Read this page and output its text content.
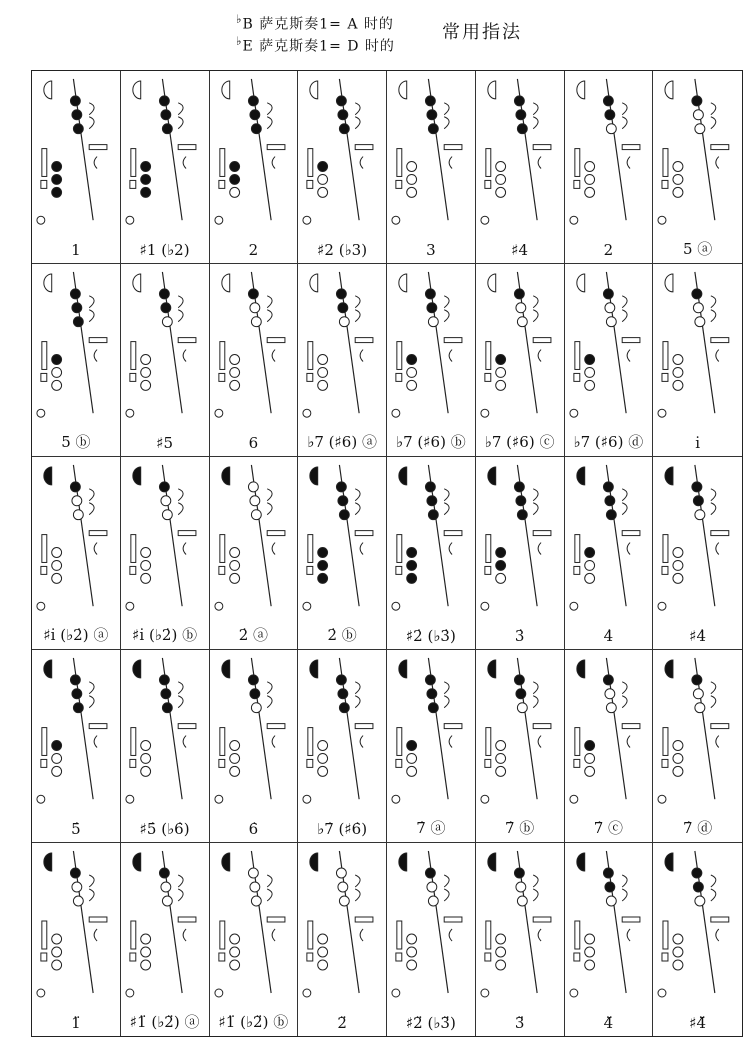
♭B 萨克斯奏1= A 时的
♭E 萨克斯奏1= D 时的
常用指法
1	♯1 (♭2)	2	♯2 (♭3)	3	♯4	2	5 ⓐ
5 ⓑ	♯5	6	♭7 (♯6) ⓐ	♭7 (♯6) ⓑ	♭7 (♯6) ⓒ	♭7 (♯6) ⓓ	i̇
♯i̇ (♭2̇) ⓐ	♯i̇ (♭2̇) ⓑ	2̇ ⓐ	2̇ ⓑ	♯2̇ (♭3̇)	3̇	4̇	♯4̇
5̇	♯5̇ (♭6̇)	6̇	♭7̇ (♯6̇)	7̇ ⓐ	7̇ ⓑ	7̇ ⓒ	7̇ ⓓ
1̈	♯1̈ (♭2̈) ⓐ	♯1̈ (♭2̈) ⓑ	2̈	♯2̈ (♭3̈)	3̈	4̈	♯4̈
